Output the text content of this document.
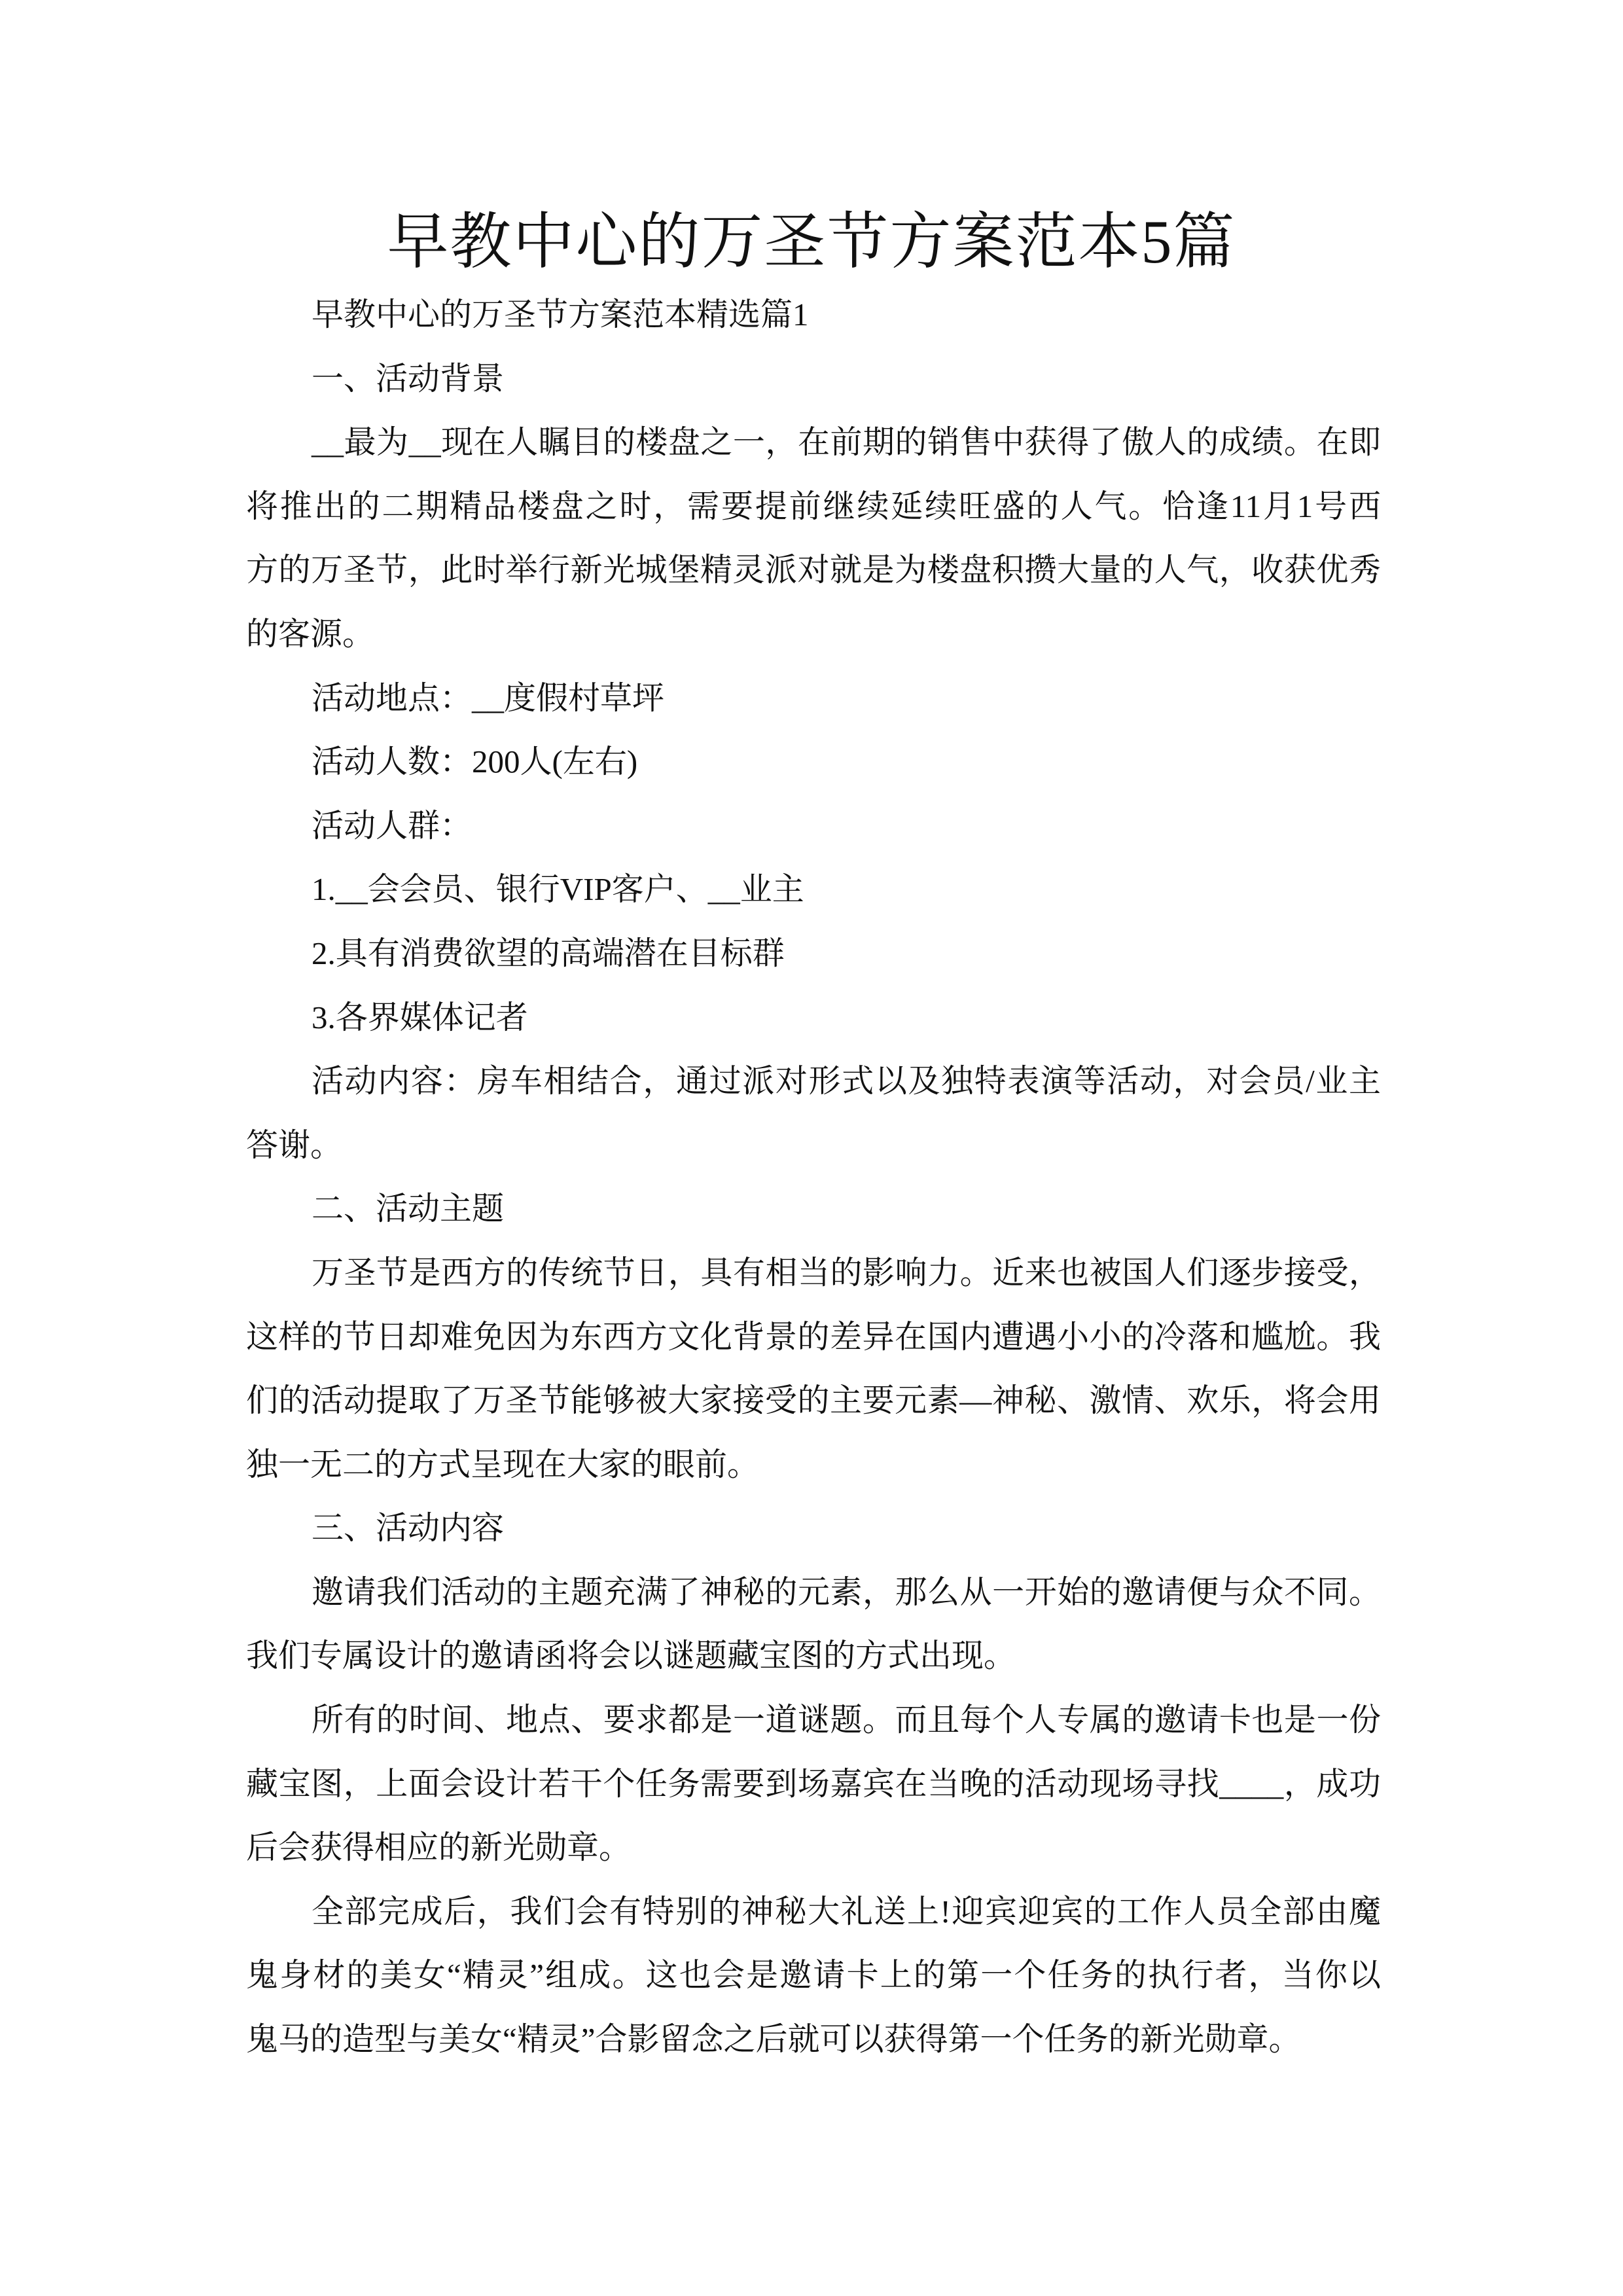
早教中心的万圣节方案范本5篇
早教中心的万圣节方案范本精选篇1
一、活动背景
__最为__现在人瞩目的楼盘之一，在前期的销售中获得了傲人的成绩。在即
将推出的二期精品楼盘之时，需要提前继续延续旺盛的人气。恰逢11月1号西
方的万圣节，此时举行新光城堡精灵派对就是为楼盘积攒大量的人气，收获优秀
的客源。
活动地点：__度假村草坪
活动人数：200人(左右)
活动人群：
1.__会会员、银行VIP客户、__业主
2.具有消费欲望的高端潜在目标群
3.各界媒体记者
活动内容：房车相结合，通过派对形式以及独特表演等活动，对会员/业主
答谢。
二、活动主题
万圣节是西方的传统节日，具有相当的影响力。近来也被国人们逐步接受，
这样的节日却难免因为东西方文化背景的差异在国内遭遇小小的冷落和尴尬。我
们的活动提取了万圣节能够被大家接受的主要元素—神秘、激情、欢乐，将会用
独一无二的方式呈现在大家的眼前。
三、活动内容
邀请我们活动的主题充满了神秘的元素，那么从一开始的邀请便与众不同。
我们专属设计的邀请函将会以谜题藏宝图的方式出现。
所有的时间、地点、要求都是一道谜题。而且每个人专属的邀请卡也是一份
藏宝图，上面会设计若干个任务需要到场嘉宾在当晚的活动现场寻找____，成功
后会获得相应的新光勋章。
全部完成后，我们会有特别的神秘大礼送上!迎宾迎宾的工作人员全部由魔
鬼身材的美女“精灵”组成。这也会是邀请卡上的第一个任务的执行者，当你以
鬼马的造型与美女“精灵”合影留念之后就可以获得第一个任务的新光勋章。
